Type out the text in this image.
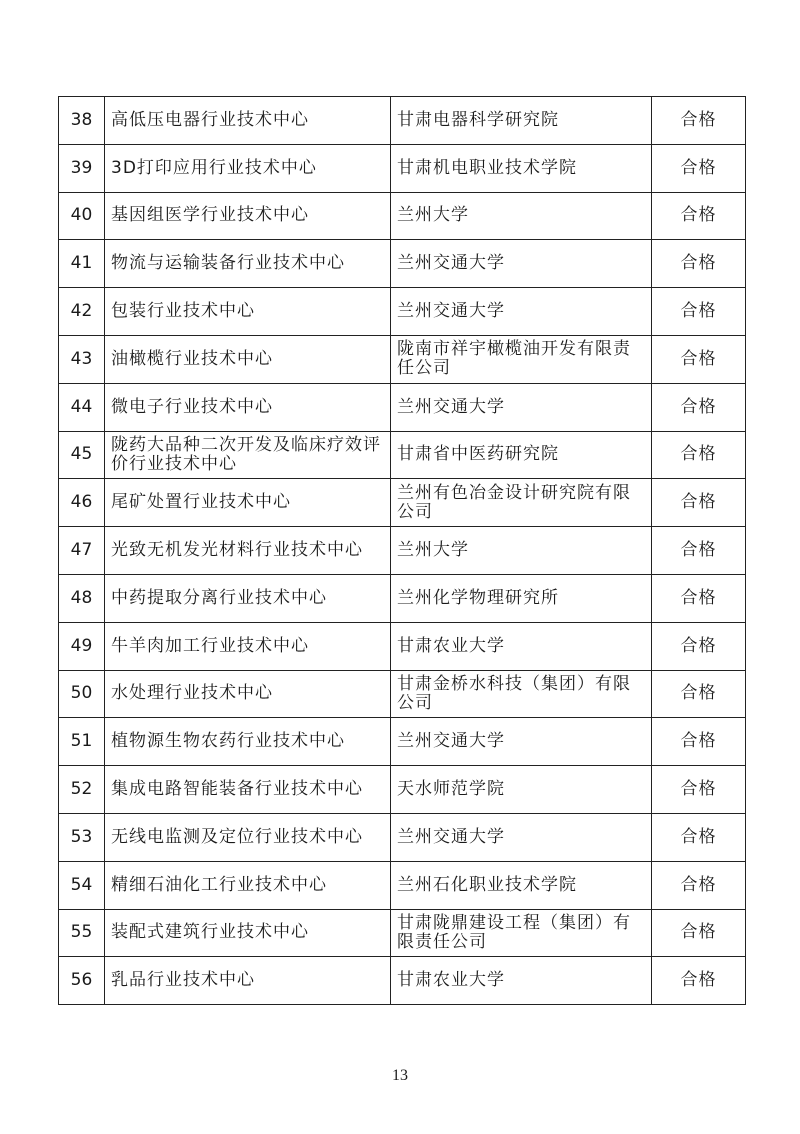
38	高低压电器行业技术中心	甘肃电器科学研究院	合格
39	3D打印应用行业技术中心	甘肃机电职业技术学院	合格
40	基因组医学行业技术中心	兰州大学	合格
41	物流与运输装备行业技术中心	兰州交通大学	合格
42	包装行业技术中心	兰州交通大学	合格
43	油橄榄行业技术中心	陇南市祥宇橄榄油开发有限责任公司	合格
44	微电子行业技术中心	兰州交通大学	合格
45	陇药大品种二次开发及临床疗效评价行业技术中心	甘肃省中医药研究院	合格
46	尾矿处置行业技术中心	兰州有色冶金设计研究院有限公司	合格
47	光致无机发光材料行业技术中心	兰州大学	合格
48	中药提取分离行业技术中心	兰州化学物理研究所	合格
49	牛羊肉加工行业技术中心	甘肃农业大学	合格
50	水处理行业技术中心	甘肃金桥水科技（集团）有限公司	合格
51	植物源生物农药行业技术中心	兰州交通大学	合格
52	集成电路智能装备行业技术中心	天水师范学院	合格
53	无线电监测及定位行业技术中心	兰州交通大学	合格
54	精细石油化工行业技术中心	兰州石化职业技术学院	合格
55	装配式建筑行业技术中心	甘肃陇鼎建设工程（集团）有限责任公司	合格
56	乳品行业技术中心	甘肃农业大学	合格
13
